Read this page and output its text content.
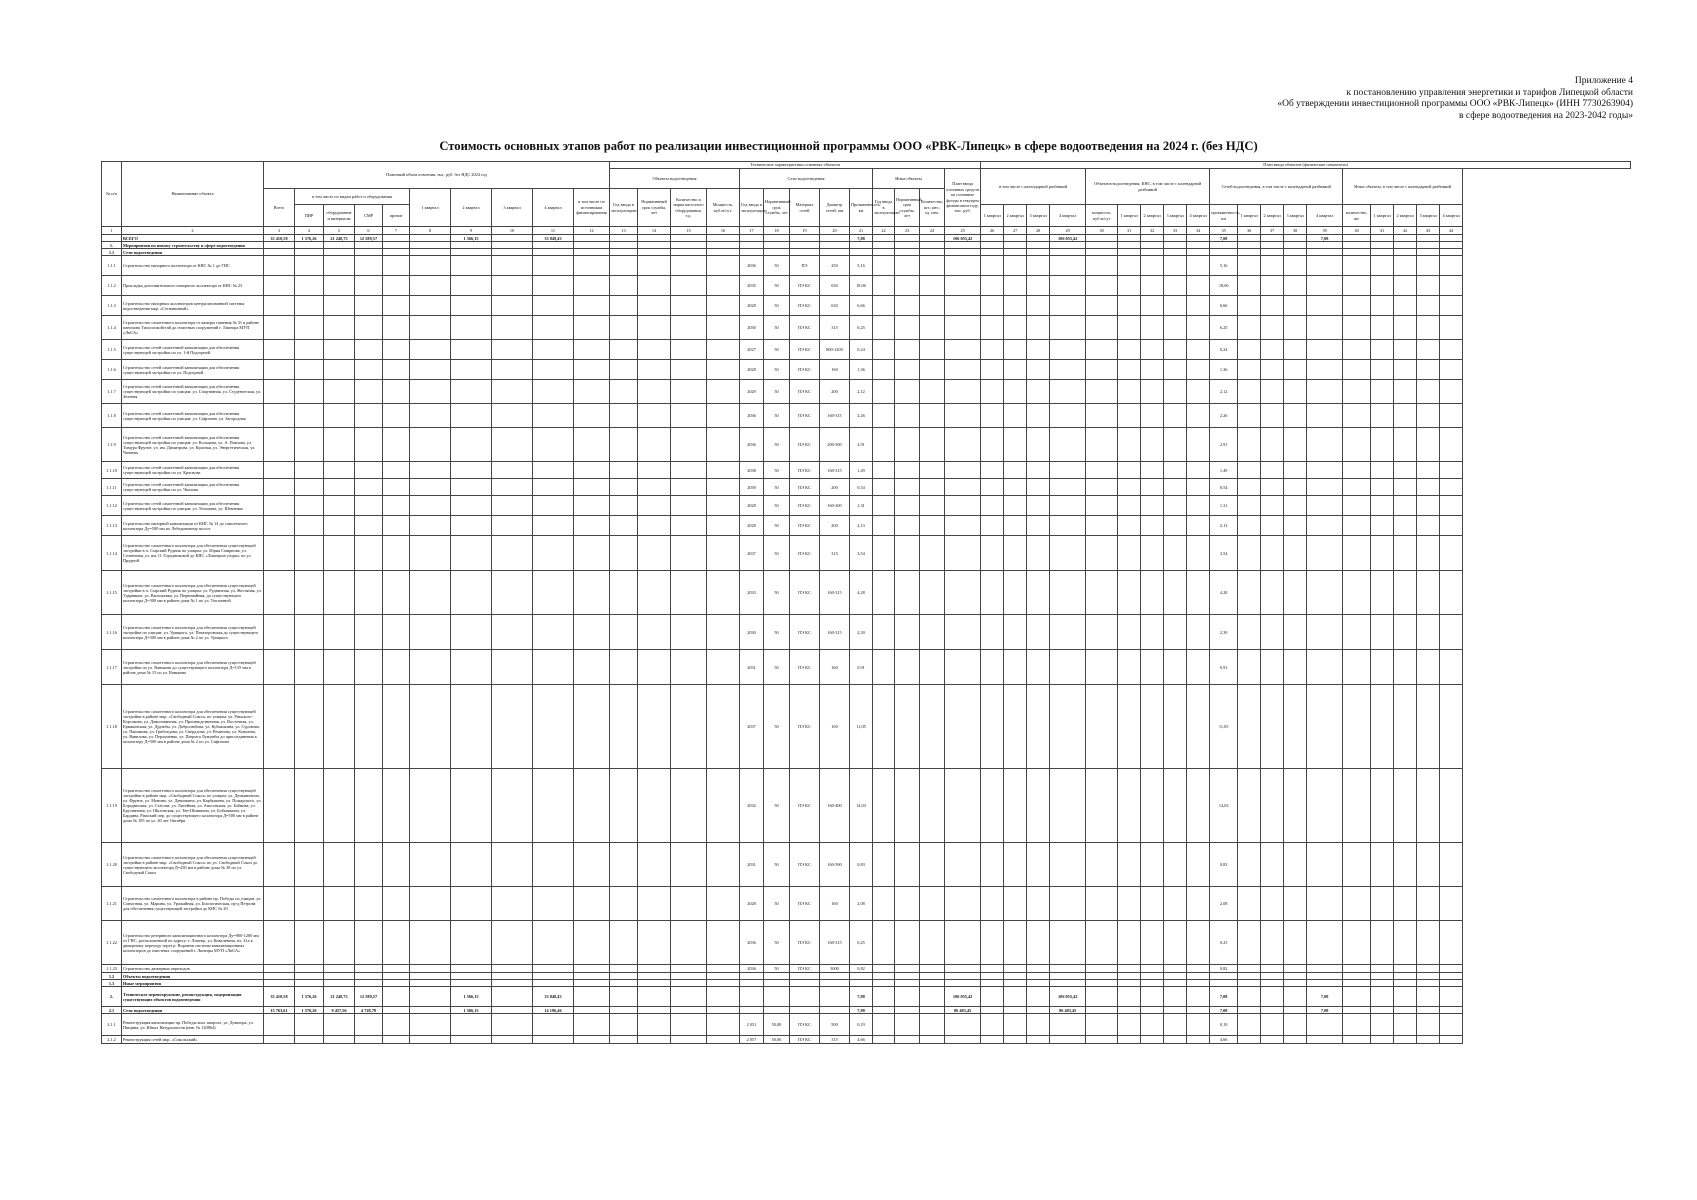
Приложение 4
к постановлению управления энергетики и тарифов Липецкой области
«Об утверждении инвестиционной программы ООО «РВК-Липецк» (ИНН 7730263904)
в сфере водоотведения на 2023-2042 годы»
Стоимость основных этапов работ по реализации инвестиционной программы ООО «РВК-Липецк» в сфере водоотведения на 2024 г. (без НДС)
№ п/п	Наименование объекта	Плановый объем освоения, тыс. руб. без НДС 2024 год										Технические характеристики основных объектов													План ввода объектов (физические показатели)																		
												Объекты водоотведения				Сети водоотведения					Иные объекты			План ввода основных средств на основные фонды в текущем финансовом году, тыс. руб.	в том числе с календарной разбивкой				Объектов водоотведения: КНС, в том числе с календарной разбивкой					Сетей водоотведения, в том числе с календарной разбивкой					Иные объекты, в том числе с календарной разбивкой				
		Всего	в том числе по видам работ и оборудования				1 квартал	2 квартал	3 квартал	4 квартал	в том числе по источникам финансирования	Год ввода в эксплуатацию	Нормативный срок службы, лет	Количество и марка насосного оборудования, т.д.	Мощность, куб.м/сут.	Год ввода в эксплуатацию	Нормативный срок службы, лет	Материал сетей	Диаметр сетей, мм	Протяженность, км	Год ввода в эксплуатацию	Нормативный срок службы, лет	Количество, шт.; квт.; ед. изм.																				
			ПИР	оборудование и материалы	СМР	прочие																			1 квартал	2 квартал	3 квартал	4 квартал	мощность, куб.м/сут	1 квартал	2 квартал	3 квартал	4 квартал	протяженность, км	1 квартал	2 квартал	3 квартал	4 квартал	количество, шт.	1 квартал	2 квартал	3 квартал	4 квартал
1	2	3	4	5	6	7	8	9	10	11	12	13	14	15	16	17	18	19	20	21	22	23	24	25	26	27	28	29	30	31	32	33	34	35	36	37	38	39	40	41	42	43	44
	ВСЕГО	35 410,58	1 576,26	21 248,75	12 589,57			1 566,15		33 849,43										7,08				106 055,42				106 055,42						7,08				7,08					
1.	Мероприятия по новому строительству в сфере водоотведения																																										
1.1	Сети водоотведения																																										
1.1.1	Строительство напорного коллектора от КНС № 1 до ГНС															2036	50	ПЭ	250	5,16														5,16									
1.1.2	Прокладка дополнительного напорного коллектора от КНС № 23															2035	50	ПЭ КС	630	18,06														18,06									
1.1.3	Строительство напорных коллекторов централизованной системы водоотведения мкр. «Сегнаньевый»															2028	50	ПЭ КС	630	6,66														6,66									
1.1.4	Строительство самотечного коллектора от камеры гашения № 31 в районе пансиона Тихоспокойстай до очистных сооружений г. Липецка МУП «ЛиСА»															2030	50	ПЭ КС	315	6,25														6,25									
1.1.5	Строительство сетей самотечной канализации для обеспечения существующей застройки по ул. 1-й Подгорной															2027	50	ПЭ КС	800-1200	0,24														0,24									
1.1.6	Строительство сетей самотечной канализации для обеспечения существующей застройки по ул. Подгорной															2028	50	ПЭ КС	160	1,36														1,36									
1.1.7	Строительство сетей самотечной канализации для обеспечения существующей застройки по улицам: ул. Спортивная, ул. Студенческая, ул. Зеленая															2029	50	ПЭ КС	200	2,12														2,12									
1.1.8	Строительство сетей самотечной канализации для обеспечения существующей застройки по улицам: ул. Сафонова, ул. Загородная															2036	50	ПЭ КС	160-315	2,26														2,26									
1.1.9	Строительство сетей самотечной канализации для обеспечения существующей застройки по улицам: ул. Кольцова, ул. А. Павлова, ул. Тимура Фрунзе, ул. им. Димитрова, ул. Красная, ул. Энергетическая, ул. Чапаева															2036	50	ПЭ КС	200-500	2,91														2,91									
1.1.10	Строительство сетей самотечной канализации для обеспечения существующей застройки по ул. Краснова															2038	50	ПЭ КС	160-315	1,49														1,49									
1.1.11	Строительство сетей самотечной канализации для обеспечения существующей застройки по ул. Чкалова															2039	50	ПЭ КС	200	0,54														0,54									
1.1.12	Строительство сетей самотечной канализации для обеспечения существующей застройки по улицам: ул. Тельмана, ул. Шевченко															2028	50	ПЭ КС	160-200	1,31														1,31									
1.1.13	Строительство напорной канализации от КНС № 14 до самотечного коллектора Ду=500 мм по Лебединовому шоссе															2028	50	ПЭ КС	200	2,13														2,13									
1.1.14	Строительство самотечного коллектора для обеспечения существующей застройки в п. Сырский Рудник по улицам: ул. Юрия Смирнова, ул. Солнечная, ул. им. О. Городниковой до КНС «Липецкие узоры» по ул. Прудной															2037	50	ПЭ КС	315	3,54														3,54									
1.1.15	Строительство самотечного коллектора для обеспечения существующей застройки в п. Сырский Рудник по улицам: ул. Рудничная, ул. Жестяная, ул. Ударников, ул. Васильевка, ул. Первомайная, до существующего коллектора Д=300 мм в районе дома № 1 по ул. Тепличной															2033	50	ПЭ КС	160-315	4,28														4,28									
1.1.16	Строительство самотечного коллектора для обеспечения существующей застройки по улицам: ул. Урицкого, ул. Пекаторовская до существующего коллектора Д=300 мм в районе дома № 2 по ул. Урицкого															2030	50	ПЭ КС	160-315	2,39														2,39									
1.1.17	Строительство самотечного коллектора для обеспечения существующей застройки по ул. Ванькова до существующего коллектора Д=135 мм в районе дома № 15 по ул. Ванькова															2031	50	ПЭ КС	160	0,91														0,91									
1.1.18	Строительство самотечного коллектора для обеспечения существующей застройки в районе мкр. «Свободный Сокол» по улицам: ул. Римского-Корсакова, ул. Даниловичная, ул. Производственная, ул. Восточная, ул. Ермаковская, ул. Дружбы, ул. Добролюбова, ул. Кубышкина, ул. Суровова, ул. Пашакова, ул. Грибоедова, ул. Свердлова, ул. Ремизова, ул. Ковалева, ул. Вавилова, ул. Перхоменко, ул. Патриса Лумумбы до присоединения к коллектору Д=500 мм в районе дома № 2 по ул. Сафонова															2037	50	ПЭ КС	160	11,05														11,05									
1.1.19	Строительство самотечного коллектора для обеспечения существующей застройки в районе мкр. «Свободный Сокол» по улицам: ул. Демьяновича, ул. Фрунзе, ул. Монино, ул. Девичкина, ул. Карбышева, ул. Пожарского, ул. Бородинская, ул. Стасова, ул. Литейная, ул. Аносовская, ул. Бойкова, ул. Брусничная, ул. Шкловская, ул. Тен-Шиншина, ул. Бобышкина, ул. Бардина, Рижский пер. до существующего коллектора Д=500 мм в районе дома № 105 по ул. 40 лет Октября															2032	50	ПЭ КС	160-400	14,03														14,03									
1.1.20	Строительство самотечного коллектора для обеспечения существующей застройки в районе мкр. «Свободный Сокол» по ул. Свободный Сокол до существующего коллектора Д=250 мм в районе дома № 38 по ул. Свободный Сокол															2031	50	ПЭ КС	160-500	0,83														0,83									
1.1.21	Строительство самотечного коллектора в районе пр. Победы по улицам: ул. Совхозная, ул. Марина, ул. Урожайная, ул. Биологическая, пр-д Петрова для обеспечения существующей застройки до КНС № 20															2028	50	ПЭ КС	160	2,08														2,08									
1.1.22	Строительство резервного канализационного коллектора Ду=900-1200 мм от ГНС, расположенной по адресу: г. Липецк, ул. Ковалевича, вл. 41а к дюкерному переходу через р. Воронеж системы канализационных коллекторов до очистных сооружений г. Липецка МУП «ЛиСА»															2036	50	ПЭ КС	160-315	0,25														0,25									
1.1.23	Строительство дюкерных переходов															2036	50	ПЭ КС	3000	0,82														0,82									
1.2	Объекты водоотведения																																										
1.3	Иные мероприятия																																										
2.	Техническое перевооружение, реконструкция, модернизация существующих объектов водоотведения	35 410,58	1 576,26	21 248,75	12 589,57			1 566,15		33 848,43										7,08				106 055,42				106 055,42						7,08				7,08					
2.1	Сети водоотведения	15 763,61	1 576,26	9 457,56	4 728,78			1 566,15		14 196,46										7,08				86 403,45				86 403,45						7,08				7,08					
2.1.1	Реконструкция канализации пр. Победы жил. квартал, ул. Доватора, ул. Пищина, ул. Юных Натуралистов (инв. № 120864)															2 051	50,00	ПЭ КС	500	0,19														0,19									
2.1.2	Реконструкция сетей мкр. «Сокольский»															2 057	50,00	ПЭ КС	315	4,66														4,66									
